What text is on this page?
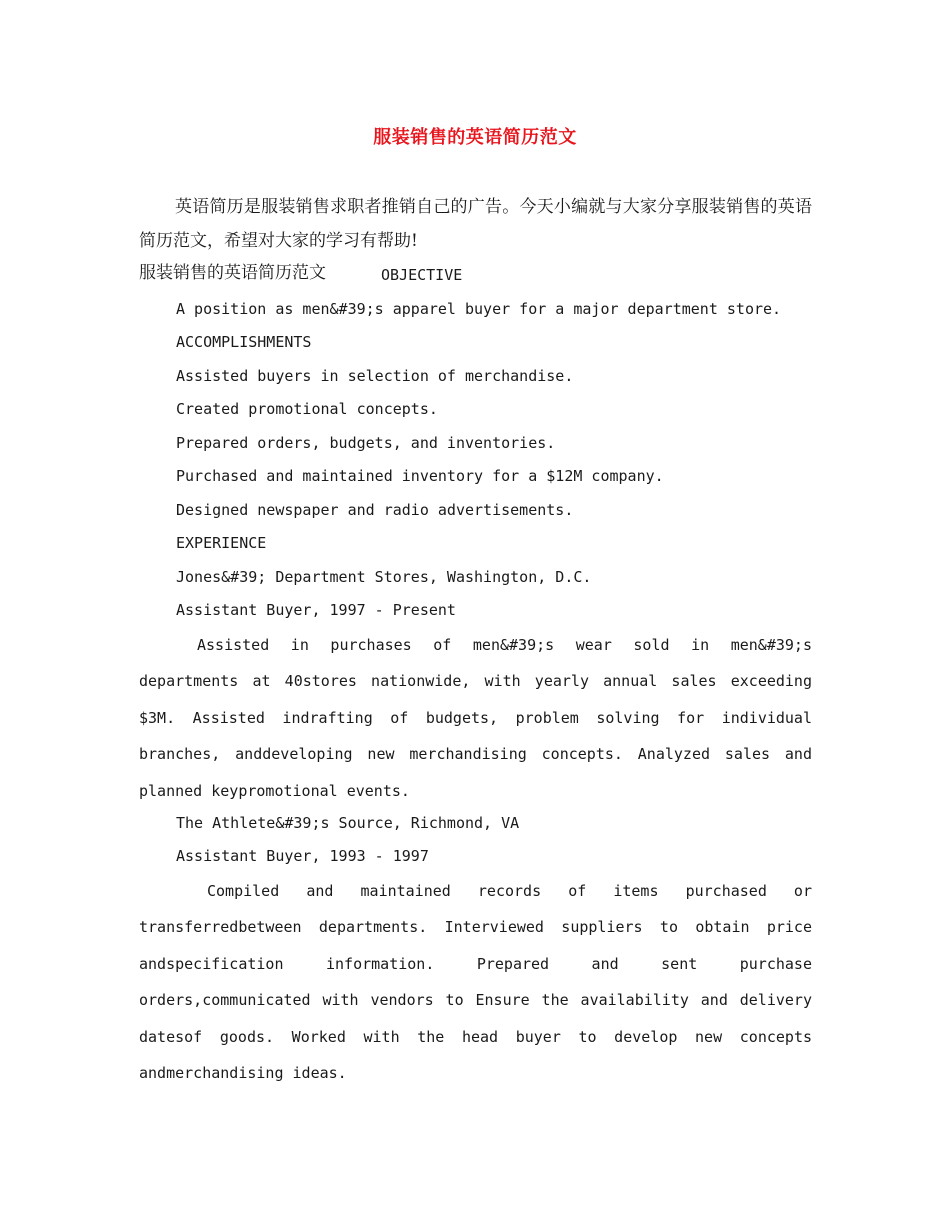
服装销售的英语简历范文
英语简历是服装销售求职者推销自己的广告。今天小编就与大家分享服装销售的英语简历范文，希望对大家的学习有帮助!
服装销售的英语简历范文	OBJECTIVE
A position as men&#39;s apparel buyer for a major department store.
ACCOMPLISHMENTS
Assisted buyers in selection of merchandise.
Created promotional concepts.
Prepared orders, budgets, and inventories.
Purchased and maintained inventory for a $12M company.
Designed newspaper and radio advertisements.
EXPERIENCE
Jones&#39; Department Stores, Washington, D.C.
Assistant Buyer, 1997 - Present
Assisted in purchases of men&#39;s wear sold in men&#39;s departments at 40stores nationwide, with yearly annual sales exceeding $3M. Assisted indrafting of budgets, problem solving for individual branches, anddeveloping new merchandising concepts. Analyzed sales and planned keypromotional events.
The Athlete&#39;s Source, Richmond, VA
Assistant Buyer, 1993 - 1997
Compiled and maintained records of items purchased or transferredbetween departments. Interviewed suppliers to obtain price andspecification information. Prepared and sent purchase orders,communicated with vendors to Ensure the availability and delivery datesof goods. Worked with the head buyer to develop new concepts andmerchandising ideas.
